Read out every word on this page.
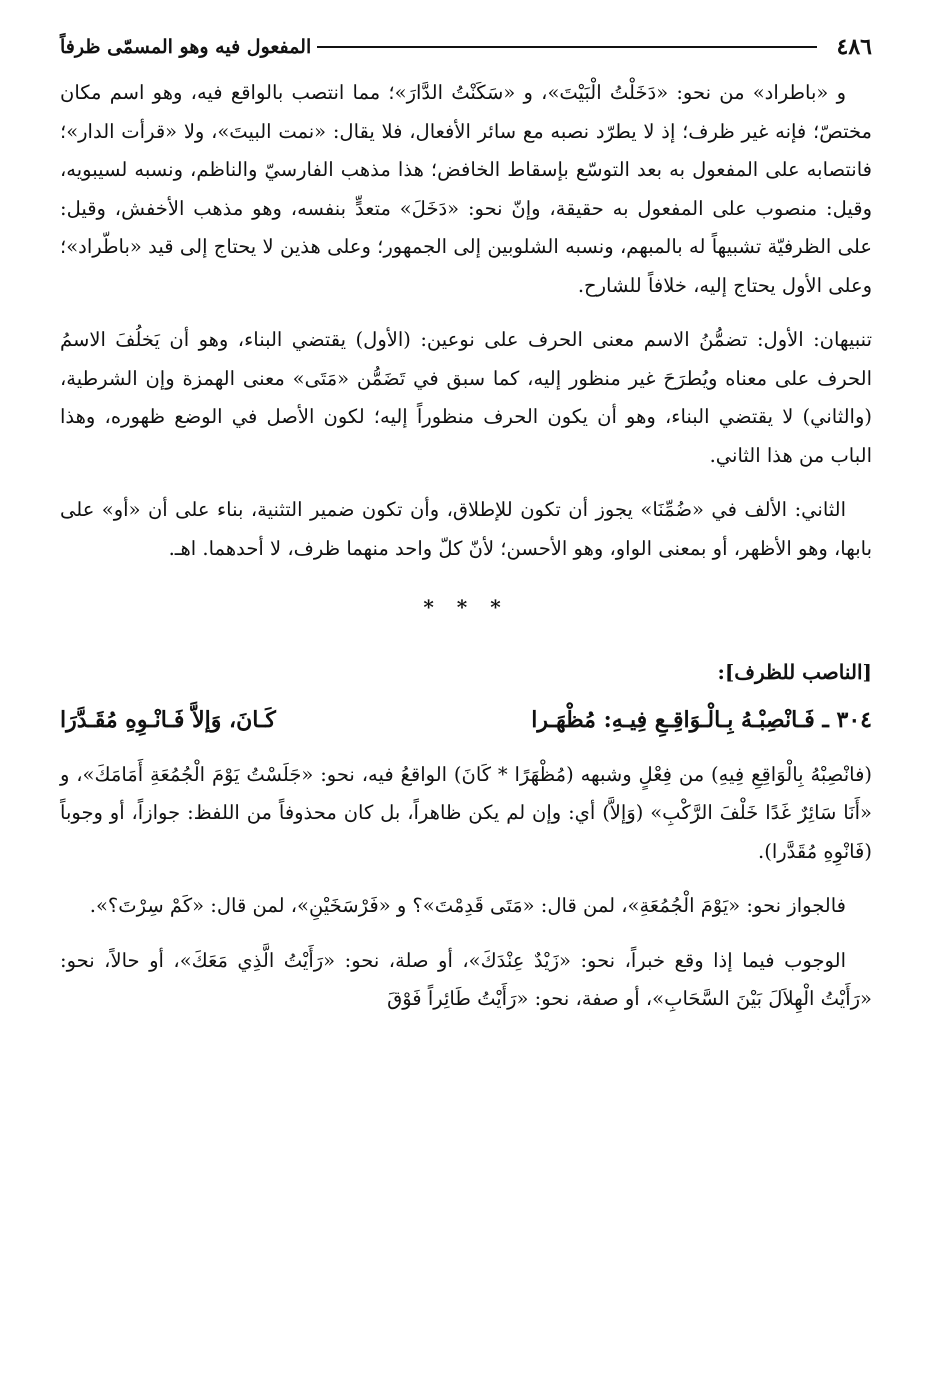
٤٨٦
المفعول فيه وهو المسمّى ظرفاً

و «باطراد» من نحو: «دَخَلْتُ الْبَيْتَ»، و «سَكَنْتُ الدَّارَ»؛ مما انتصب بالواقع فيه، وهو اسم مكان مختصّ؛ فإنه غير ظرف؛ إذ لا يطرّد نصبه مع سائر الأفعال، فلا يقال: «نمت البيتَ»، ولا «قرأت الدار»؛ فانتصابه على المفعول به بعد التوسّع بإسقاط الخافض؛ هذا مذهب الفارسيّ والناظم، ونسبه لسيبويه، وقيل: منصوب على المفعول به حقيقة، وإنّ نحو: «دَخَلَ» متعدٍّ بنفسه، وهو مذهب الأخفش، وقيل: على الظرفيّة تشبيهاً له بالمبهم، ونسبه الشلوبين إلى الجمهور؛ وعلى هذين لا يحتاج إلى قيد «باطّراد»؛ وعلى الأول يحتاج إليه، خلافاً للشارح.

تنبيهان: الأول: تضمُّنُ الاسم معنى الحرف على نوعين: (الأول) يقتضي البناء، وهو أن يَخلُفَ الاسمُ الحرف على معناه ويُطرَحَ غير منظور إليه، كما سبق في تَضَمُّن «مَتَى» معنى الهمزة وإن الشرطية، (والثاني) لا يقتضي البناء، وهو أن يكون الحرف منظوراً إليه؛ لكون الأصل في الوضع ظهوره، وهذا الباب من هذا الثاني.

الثاني: الألف في «ضُمِّنَا» يجوز أن تكون للإطلاق، وأن تكون ضمير التثنية، بناء على أن «أو» على بابها، وهو الأظهر، أو بمعنى الواو، وهو الأحسن؛ لأنّ كلّ واحد منهما ظرف، لا أحدهما. اهـ.

* * *
[الناصب للظرف]:
٣٠٤ ـ فَـانْصِبْـهُ بِـالْـوَاقِـعِ فِيـهِ: مُظْهَـرا
كَـانَ، وَإلاَّ فَـانْـوِهِ مُقَـدَّرَا

(فانْصِبْهُ بِالْوَاقِعِ فِيهِ) من فِعْلٍ وشبهه (مُظْهَرًا * كَانَ) الواقعُ فيه، نحو: «جَلَسْتُ يَوْمَ الْجُمُعَةِ أَمَامَكَ»، و «أَنَا سَائِرٌ غَدًا خَلْفَ الرَّكْبِ» (وَإلاَّ) أي: وإن لم يكن ظاهراً، بل كان محذوفاً من اللفظ: جوازاً، أو وجوباً (فَانْوِهِ مُقَدَّرا).

فالجواز نحو: «يَوْمَ الْجُمُعَةِ»، لمن قال: «مَتَى قَدِمْتَ»؟ و «فَرْسَخَيْنِ»، لمن قال: «كَمْ سِرْتَ؟».

الوجوب فيما إذا وقع خبراً، نحو: «زَيْدٌ عِنْدَكَ»، أو صلة، نحو: «رَأَيْتُ الَّذِي مَعَكَ»، أو حالاً، نحو: «رَأَيْتُ الْهِلاَلَ بَيْنَ السَّحَابِ»، أو صفة، نحو: «رَأَيْتُ طَائِراً فَوْقَ
